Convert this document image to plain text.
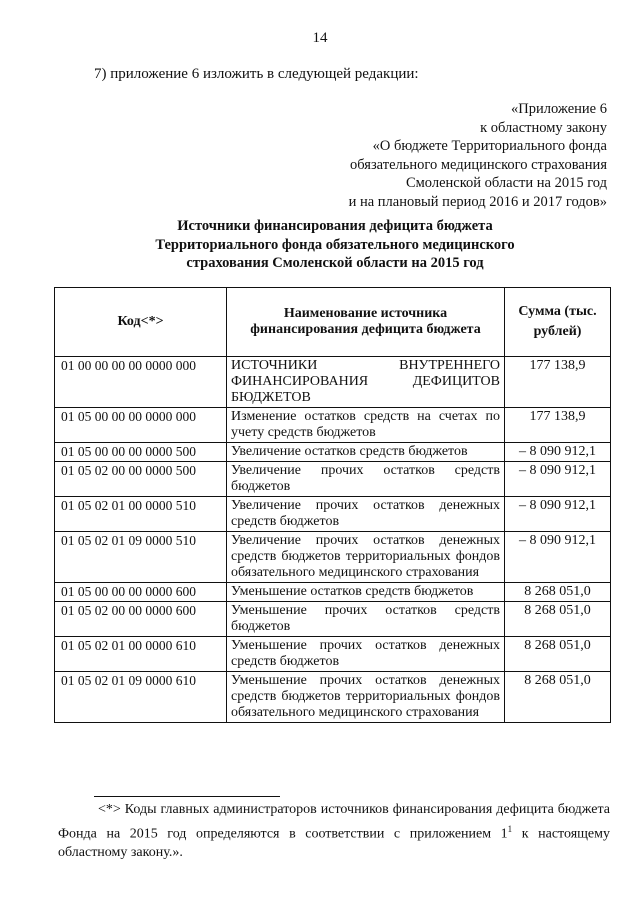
14
7) приложение 6 изложить в следующей редакции:
«Приложение 6
к областному закону
«О бюджете Территориального фонда
обязательного медицинского страхования
Смоленской области на 2015 год
и на плановый период 2016 и 2017 годов»
Источники финансирования дефицита бюджета
Территориального фонда обязательного медицинского
страхования Смоленской области на 2015 год
Код<*>	Наименование источника финансирования дефицита бюджета	Сумма (тыс. рублей)
01 00 00 00 00 0000 000	ИСТОЧНИКИ ВНУТРЕННЕГО ФИНАНСИРОВАНИЯ ДЕФИЦИТОВ БЮДЖЕТОВ	177 138,9
01 05 00 00 00 0000 000	Изменение остатков средств на счетах по учету средств бюджетов	177 138,9
01 05 00 00 00 0000 500	Увеличение остатков средств бюджетов	– 8 090 912,1
01 05 02 00 00 0000 500	Увеличение прочих остатков средств бюджетов	– 8 090 912,1
01 05 02 01 00 0000 510	Увеличение прочих остатков денежных средств бюджетов	– 8 090 912,1
01 05 02 01 09 0000 510	Увеличение прочих остатков денежных средств бюджетов территориальных фондов обязательного медицинского страхования	– 8 090 912,1
01 05 00 00 00 0000 600	Уменьшение остатков средств бюджетов	8 268 051,0
01 05 02 00 00 0000 600	Уменьшение прочих остатков средств бюджетов	8 268 051,0
01 05 02 01 00 0000 610	Уменьшение прочих остатков денежных средств бюджетов	8 268 051,0
01 05 02 01 09 0000 610	Уменьшение прочих остатков денежных средств бюджетов территориальных фондов обязательного медицинского страхования	8 268 051,0
<*> Коды главных администраторов источников финансирования дефицита бюджета Фонда на 2015 год определяются в соответствии с приложением $1^1$ к настоящему областному закону.».
